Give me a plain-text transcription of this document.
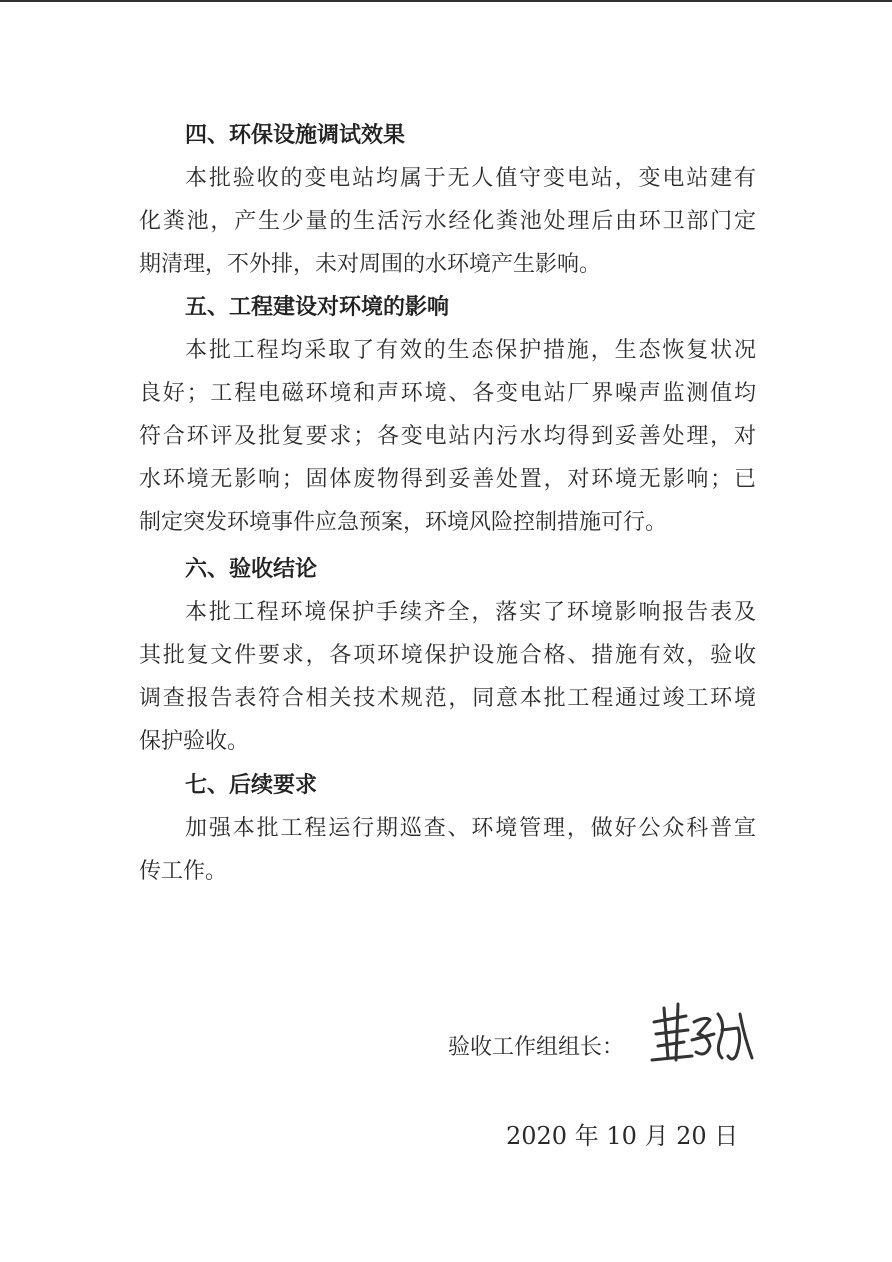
四、环保设施调试效果
本批验收的变电站均属于无人值守变电站，变电站建有
化粪池，产生少量的生活污水经化粪池处理后由环卫部门定
期清理，不外排，未对周围的水环境产生影响。
五、工程建设对环境的影响
本批工程均采取了有效的生态保护措施，生态恢复状况
良好；工程电磁环境和声环境、各变电站厂界噪声监测值均
符合环评及批复要求；各变电站内污水均得到妥善处理，对
水环境无影响；固体废物得到妥善处置，对环境无影响；已
制定突发环境事件应急预案，环境风险控制措施可行。
六、验收结论
本批工程环境保护手续齐全，落实了环境影响报告表及
其批复文件要求，各项环境保护设施合格、措施有效，验收
调查报告表符合相关技术规范，同意本批工程通过竣工环境
保护验收。
七、后续要求
加强本批工程运行期巡查、环境管理，做好公众科普宣
传工作。
验收工作组组长：
2020 年 10 月 20 日
